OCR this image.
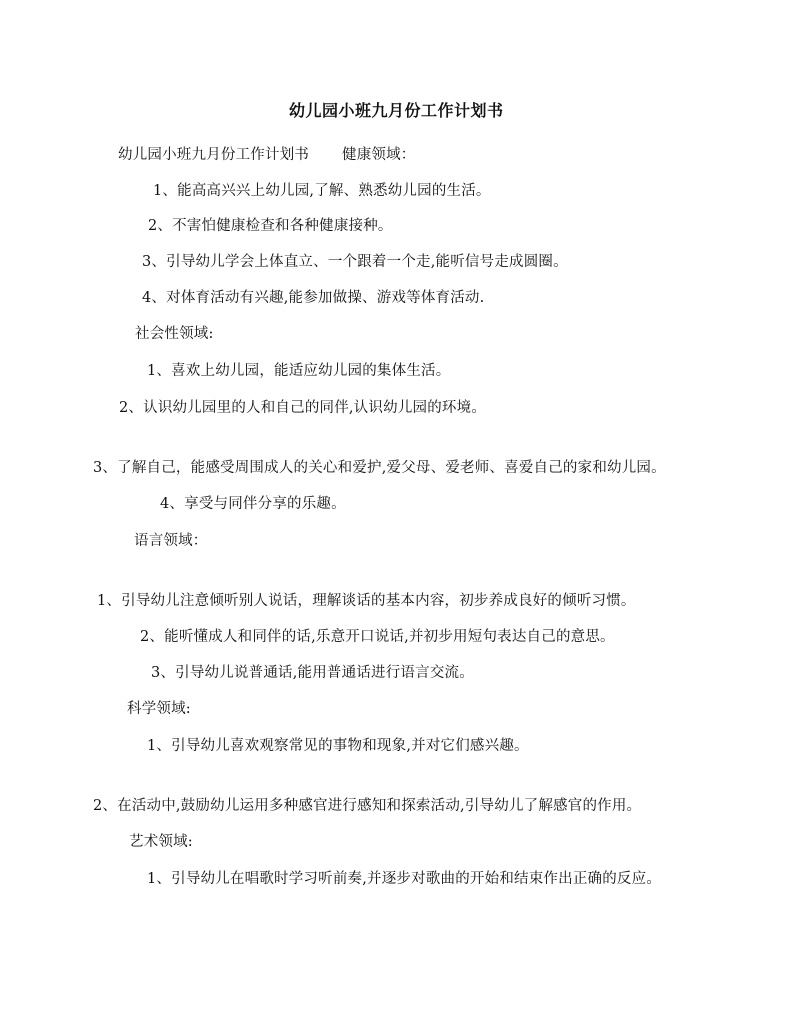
幼儿园小班九月份工作计划书
幼儿园小班九月份工作计划书 健康领域：
1、能高高兴兴上幼儿园,了解、熟悉幼儿园的生活。
2、不害怕健康检查和各种健康接种。
3、引导幼儿学会上体直立、一个跟着一个走,能听信号走成圆圈。
4、对体育活动有兴趣,能参加做操、游戏等体育活动.
社会性领域:
1、喜欢上幼儿园，能适应幼儿园的集体生活。
2、认识幼儿园里的人和自己的同伴,认识幼儿园的环境。
3、了解自己，能感受周围成人的关心和爱护,爱父母、爱老师、喜爱自己的家和幼儿园。
4、享受与同伴分享的乐趣。
语言领域：
1、引导幼儿注意倾听别人说话，理解谈话的基本内容，初步养成良好的倾听习惯。
2、能听懂成人和同伴的话,乐意开口说话,并初步用短句表达自己的意思。
3、引导幼儿说普通话,能用普通话进行语言交流。
科学领域:
1、引导幼儿喜欢观察常见的事物和现象,并对它们感兴趣。
2、在活动中,鼓励幼儿运用多种感官进行感知和探索活动,引导幼儿了解感官的作用。
艺术领域:
1、引导幼儿在唱歌时学习听前奏,并逐步对歌曲的开始和结束作出正确的反应。
